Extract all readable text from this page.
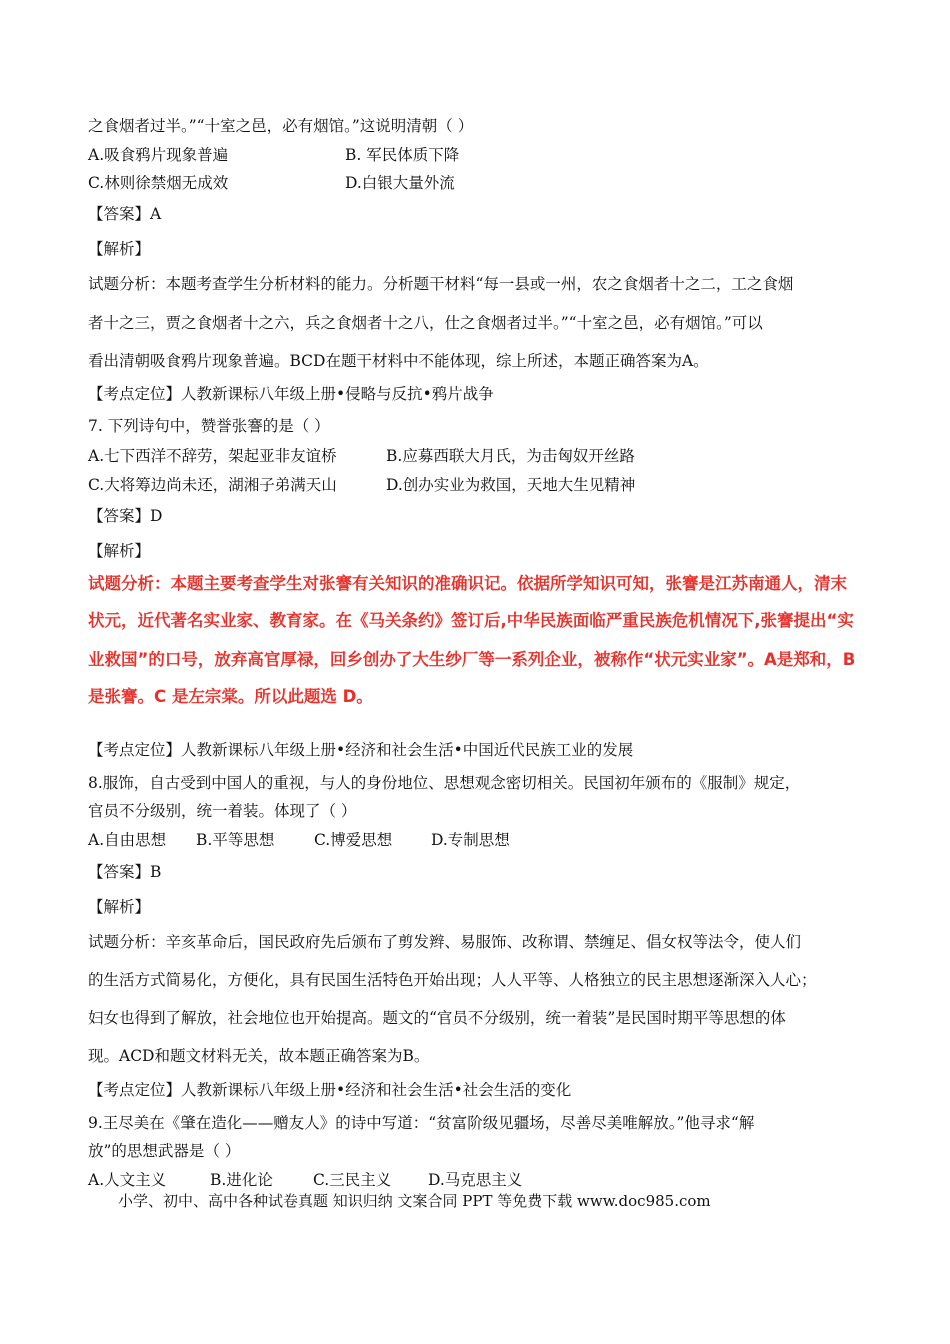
之食烟者过半。”“十室之邑，必有烟馆。”这说明清朝（ ）
A.吸食鸦片现象普遍	B. 军民体质下降
C.林则徐禁烟无成效	D.白银大量外流
【答案】A
【解析】
试题分析：本题考查学生分析材料的能力。分析题干材料“每一县或一州，农之食烟者十之二，工之食烟
者十之三，贾之食烟者十之六，兵之食烟者十之八，仕之食烟者过半。”“十室之邑，必有烟馆。”可以
看出清朝吸食鸦片现象普遍。BCD在题干材料中不能体现，综上所述，本题正确答案为A。
【考点定位】人教新课标八年级上册•侵略与反抗•鸦片战争
7. 下列诗句中，赞誉张謇的是（ ）
A.七下西洋不辞劳，架起亚非友谊桥	B.应募西联大月氏，为击匈奴开丝路
C.大将筹边尚未还，湖湘子弟满天山	D.创办实业为救国，天地大生见精神
【答案】D
【解析】
试题分析：本题主要考查学生对张謇有关知识的准确识记。依据所学知识可知，张謇是江苏南通人，清末
状元，近代著名实业家、教育家。在《马关条约》签订后,中华民族面临严重民族危机情况下,张謇提出“实
业救国”的口号，放弃高官厚禄，回乡创办了大生纱厂等一系列企业，被称作“状元实业家”。A是郑和，B
是张謇。C 是左宗棠。所以此题选 D。
【考点定位】人教新课标八年级上册•经济和社会生活•中国近代民族工业的发展
8.服饰，自古受到中国人的重视，与人的身份地位、思想观念密切相关。民国初年颁布的《服制》规定，
官员不分级别，统一着装。体现了（ ）
A.自由思想 B.平等思想	C.博爱思想	D.专制思想
【答案】B
【解析】
试题分析：辛亥革命后，国民政府先后颁布了剪发辫、易服饰、改称谓、禁缠足、倡女权等法令，使人们
的生活方式简易化，方便化，具有民国生活特色开始出现；人人平等、人格独立的民主思想逐渐深入人心；
妇女也得到了解放，社会地位也开始提高。题文的“官员不分级别，统一着装”是民国时期平等思想的体
现。ACD和题文材料无关，故本题正确答案为B。
【考点定位】人教新课标八年级上册•经济和社会生活•社会生活的变化
9.王尽美在《肇在造化——赠友人》的诗中写道：“贫富阶级见疆场，尽善尽美唯解放。”他寻求“解
放”的思想武器是（ ）
A.人文主义	B.进化论	C.三民主义 D.马克思主义
小学、初中、高中各种试卷真题 知识归纳 文案合同 PPT 等免费下载 www.doc985.com
